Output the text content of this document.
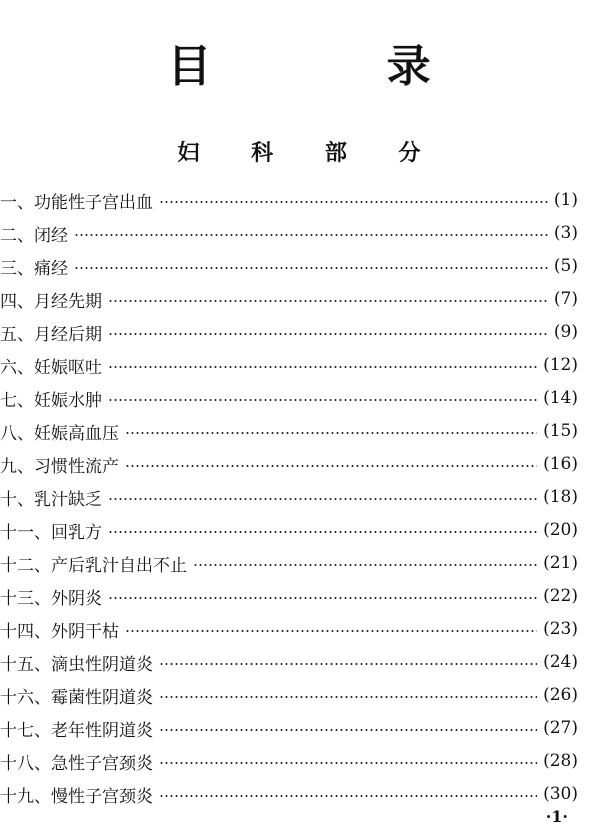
目 录
妇 科 部 分
一、功能性子宫出血	(1)
二、闭经	(3)
三、痛经	(5)
四、月经先期	(7)
五、月经后期	(9)
六、妊娠呕吐	(12)
七、妊娠水肿	(14)
八、妊娠高血压	(15)
九、习惯性流产	(16)
十、乳汁缺乏	(18)
十一、回乳方	(20)
十二、产后乳汁自出不止	(21)
十三、外阴炎	(22)
十四、外阴干枯	(23)
十五、滴虫性阴道炎	(24)
十六、霉菌性阴道炎	(26)
十七、老年性阴道炎	(27)
十八、急性子宫颈炎	(28)
十九、慢性子宫颈炎	(30)
·1·
